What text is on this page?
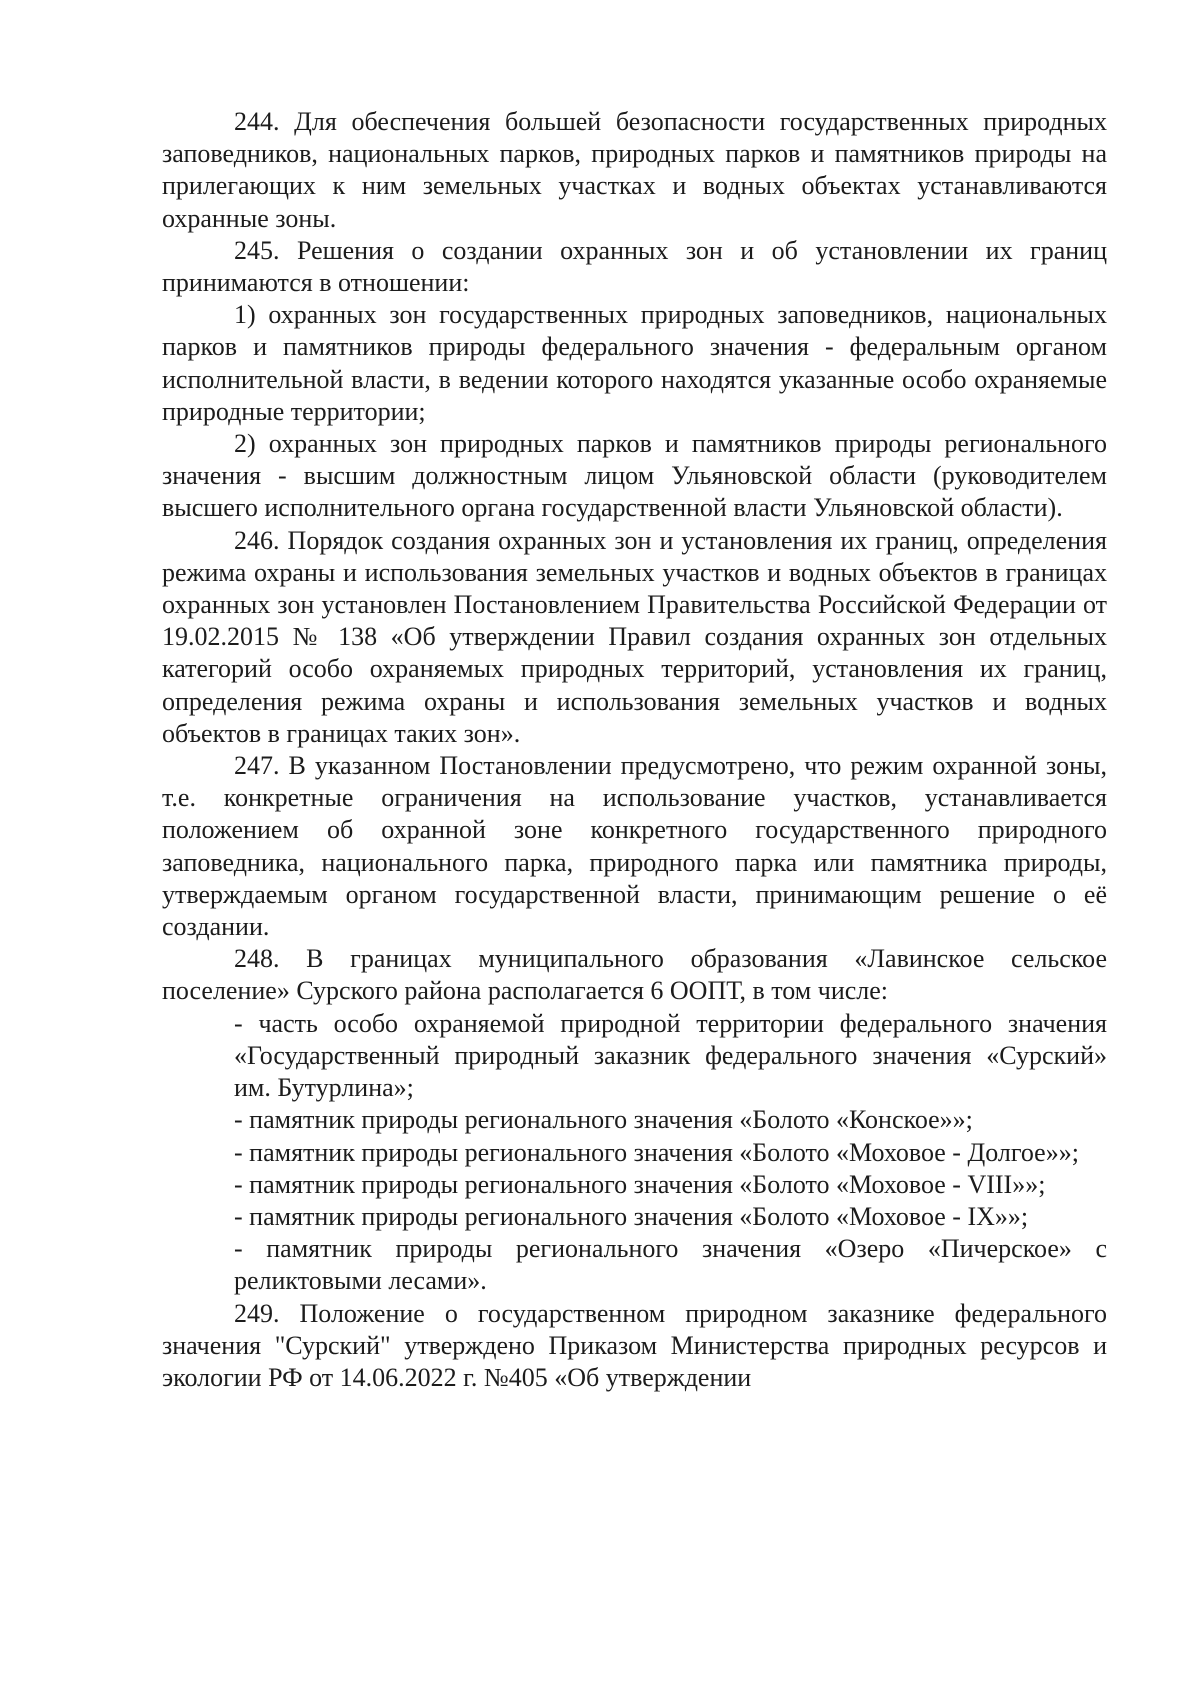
244. Для обеспечения большей безопасности государственных природных заповедников, национальных парков, природных парков и памятников природы на прилегающих к ним земельных участках и водных объектах устанавливаются охранные зоны.

245. Решения о создании охранных зон и об установлении их границ принимаются в отношении:

1) охранных зон государственных природных заповедников, национальных парков и памятников природы федерального значения - федеральным органом исполнительной власти, в ведении которого находятся указанные особо охраняемые природные территории;

2) охранных зон природных парков и памятников природы регионального значения - высшим должностным лицом Ульяновской области (руководителем высшего исполнительного органа государственной власти Ульяновской области).

246. Порядок создания охранных зон и установления их границ, определения режима охраны и использования земельных участков и водных объектов в границах охранных зон установлен Постановлением Правительства Российской Федерации от 19.02.2015 № 138 «Об утверждении Правил создания охранных зон отдельных категорий особо охраняемых природных территорий, установления их границ, определения режима охраны и использования земельных участков и водных объектов в границах таких зон».

247. В указанном Постановлении предусмотрено, что режим охранной зоны, т.е. конкретные ограничения на использование участков, устанавливается положением об охранной зоне конкретного государственного природного заповедника, национального парка, природного парка или памятника природы, утверждаемым органом государственной власти, принимающим решение о её создании.

248. В границах муниципального образования «Лавинское сельское поселение» Сурского района располагается 6 ООПТ, в том числе:

- часть особо охраняемой природной территории федерального значения «Государственный природный заказник федерального значения «Сурский» им. Бутурлина»;

- памятник природы регионального значения «Болото «Конское»»;

- памятник природы регионального значения «Болото «Моховое - Долгое»»;

- памятник природы регионального значения «Болото «Моховое - VIII»»;

- памятник природы регионального значения «Болото «Моховое - IX»»;

- памятник природы регионального значения «Озеро «Пичерское» с реликтовыми лесами».

249. Положение о государственном природном заказнике федерального значения "Сурский" утверждено Приказом Министерства природных ресурсов и экологии РФ от 14.06.2022 г. №405 «Об утверждении
